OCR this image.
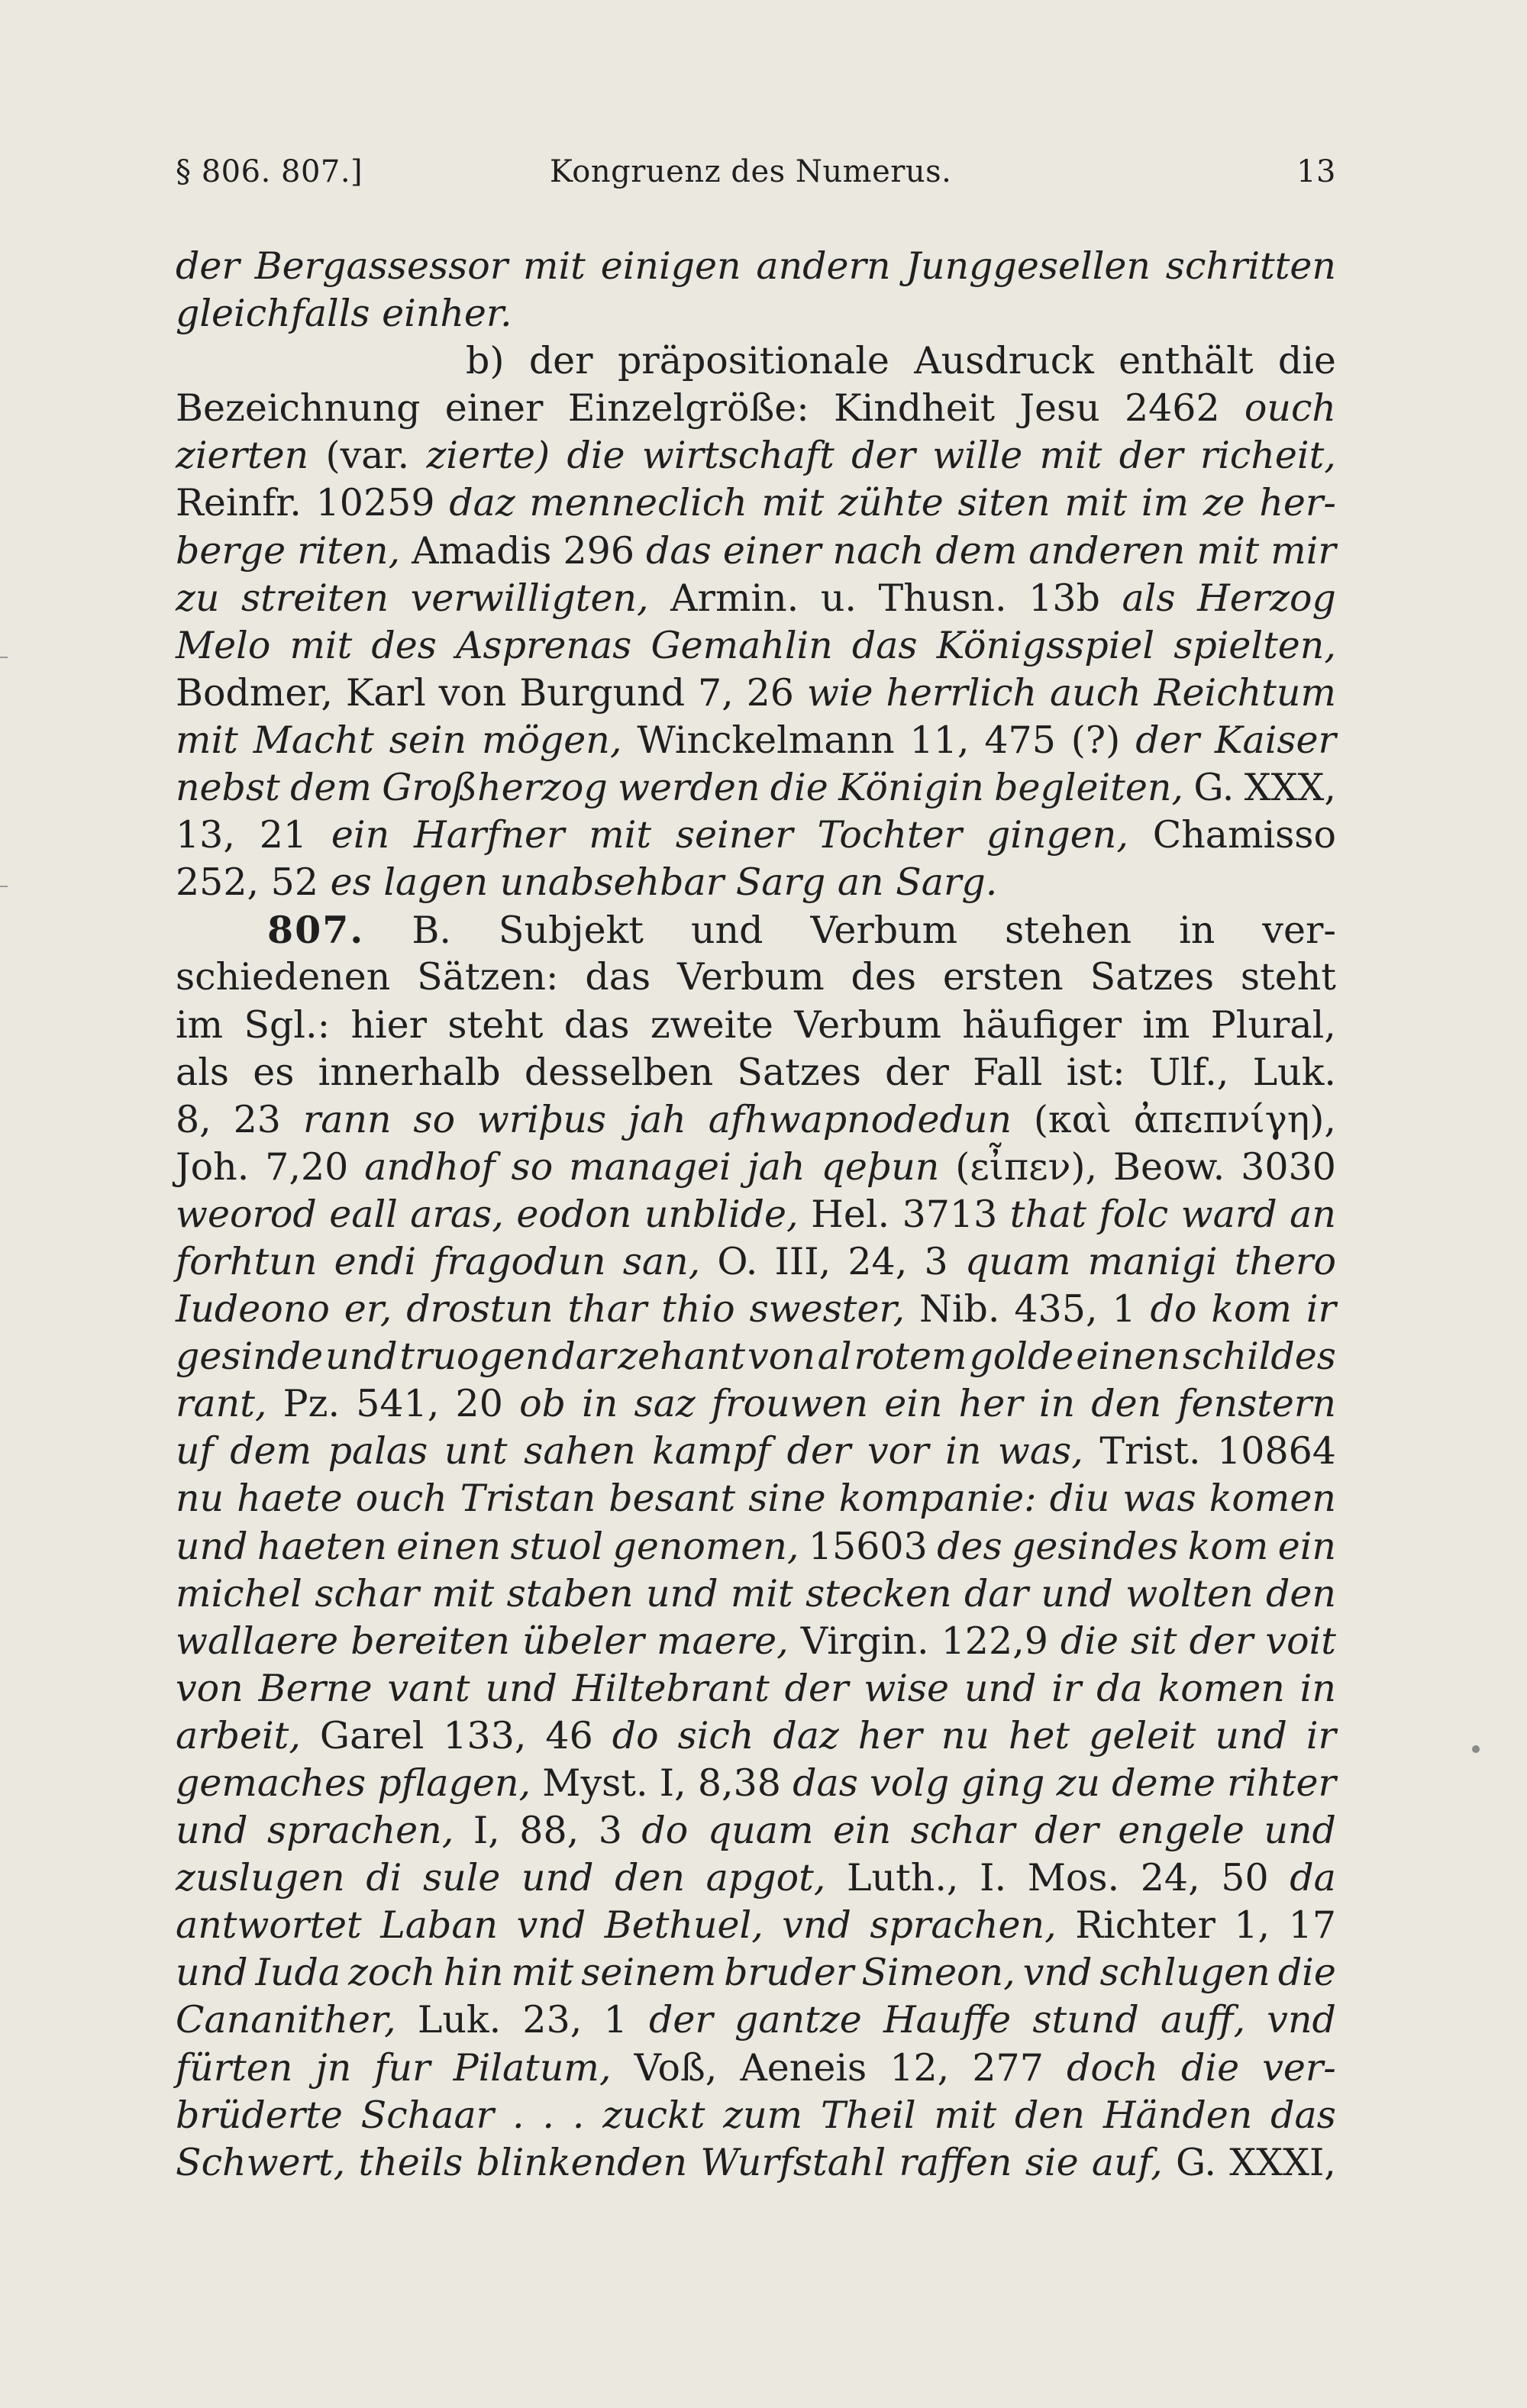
§ 806. 807.]	Kongruenz des Numerus.	13
der Bergassessor mit einigen andern Junggesellen schritten
gleichfalls einher.
b) der präpositionale Ausdruck enthält die
Bezeichnung einer Einzelgröße: Kindheit Jesu 2462 ouch
zierten (var. zierte) die wirtschaft der wille mit der richeit,
Reinfr. 10259 daz menneclich mit zühte siten mit im ze her-
berge riten, Amadis 296 das einer nach dem anderen mit mir
zu streiten verwilligten, Armin. u. Thusn. 13b als Herzog
Melo mit des Asprenas Gemahlin das Königsspiel spielten,
Bodmer, Karl von Burgund 7, 26 wie herrlich auch Reichtum
mit Macht sein mögen, Winckelmann 11, 475 (?) der Kaiser
nebst dem Großherzog werden die Königin begleiten, G. XXX,
13, 21 ein Harfner mit seiner Tochter gingen, Chamisso
252, 52 es lagen unabsehbar Sarg an Sarg.
807. B. Subjekt und Verbum stehen in ver-
schiedenen Sätzen: das Verbum des ersten Satzes steht
im Sgl.: hier steht das zweite Verbum häufiger im Plural,
als es innerhalb desselben Satzes der Fall ist: Ulf., Luk.
8, 23 rann so wriþus jah afhwapnodedun (καὶ ἀπεπνίγη),
Joh. 7,20 andhof so managei jah qeþun (εἶπεν), Beow. 3030
weorod eall aras, eodon unblide, Hel. 3713 that folc ward an
forhtun endi fragodun san, O. III, 24, 3 quam manigi thero
Iudeono er, drostun thar thio swester, Nib. 435, 1 do kom ir
gesinde und truogen dar zehant von al rotem golde einen schildes
rant, Pz. 541, 20 ob in saz frouwen ein her in den fenstern
uf dem palas unt sahen kampf der vor in was, Trist. 10864
nu haete ouch Tristan besant sine kompanie: diu was komen
und haeten einen stuol genomen, 15603 des gesindes kom ein
michel schar mit staben und mit stecken dar und wolten den
wallaere bereiten übeler maere, Virgin. 122,9 die sit der voit
von Berne vant und Hiltebrant der wise und ir da komen in
arbeit, Garel 133, 46 do sich daz her nu het geleit und ir
gemaches pflagen, Myst. I, 8,38 das volg ging zu deme rihter
und sprachen, I, 88, 3 do quam ein schar der engele und
zuslugen di sule und den apgot, Luth., I. Mos. 24, 50 da
antwortet Laban vnd Bethuel, vnd sprachen, Richter 1, 17
und Iuda zoch hin mit seinem bruder Simeon, vnd schlugen die
Cananither, Luk. 23, 1 der gantze Hauffe stund auff, vnd
fürten jn fur Pilatum, Voß, Aeneis 12, 277 doch die ver-
brüderte Schaar . . . zuckt zum Theil mit den Händen das
Schwert, theils blinkenden Wurfstahl raffen sie auf, G. XXXI,
